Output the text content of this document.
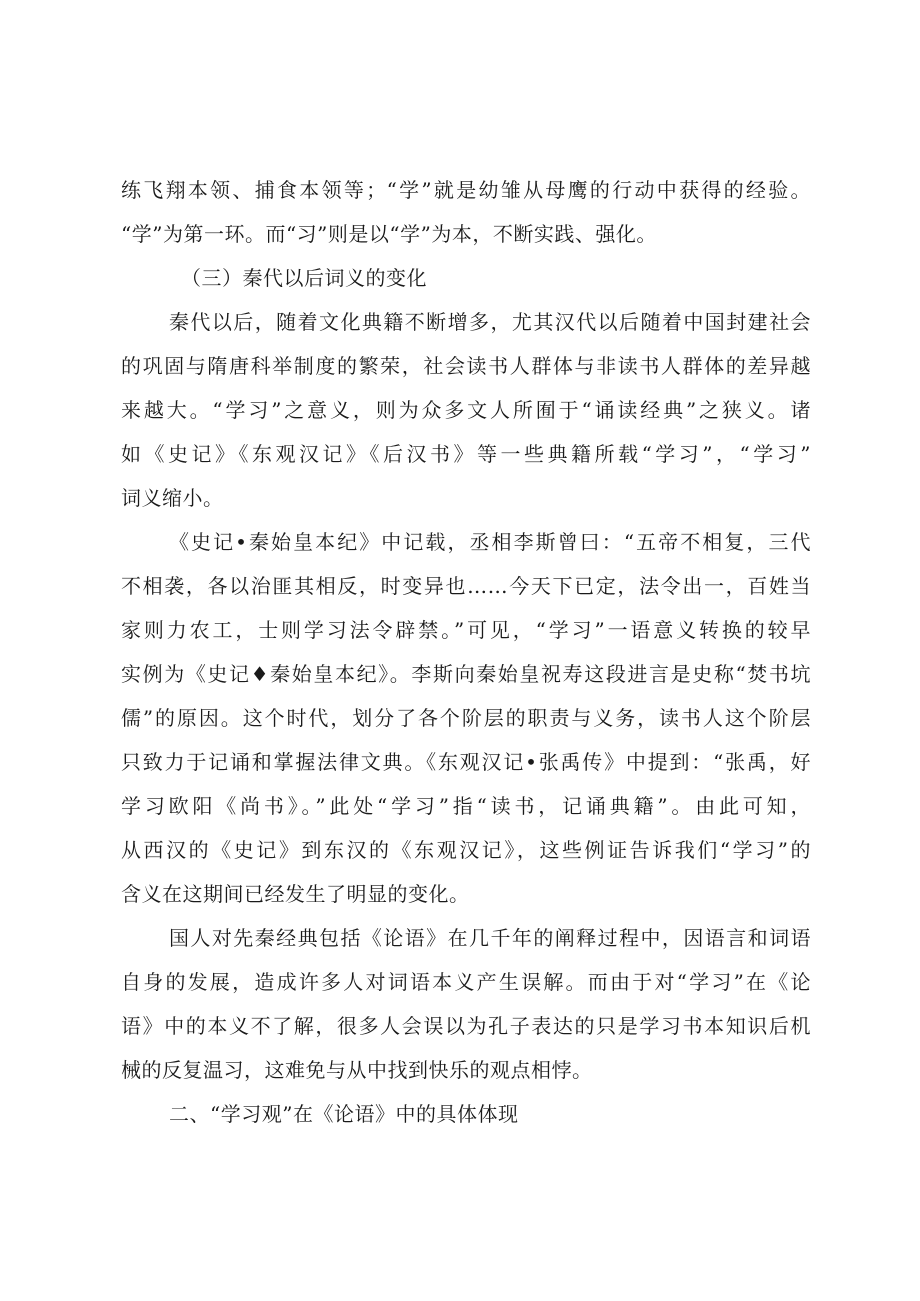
练飞翔本领、捕食本领等；“学”就是幼雏从母鹰的行动中获得的经验。
“学”为第一环。而“习”则是以“学”为本，不断实践、强化。
（三）秦代以后词义的变化
秦代以后，随着文化典籍不断增多，尤其汉代以后随着中国封建社会
的巩固与隋唐科举制度的繁荣，社会读书人群体与非读书人群体的差异越
来越大。“学习”之意义，则为众多文人所囿于“诵读经典”之狭义。诸
如《史记》《东观汉记》《后汉书》等一些典籍所载“学习”，“学习”
词义缩小。
《史记•秦始皇本纪》中记载，丞相李斯曾曰：“五帝不相复，三代
不相袭，各以治匪其相反，时变异也……今天下已定，法令出一，百姓当
家则力农工，士则学习法令辟禁。”可见，“学习”一语意义转换的较早
实例为《史记♦秦始皇本纪》。李斯向秦始皇祝寿这段进言是史称“焚书坑
儒”的原因。这个时代，划分了各个阶层的职责与义务，读书人这个阶层
只致力于记诵和掌握法律文典。《东观汉记•张禹传》中提到：“张禹，好
学习欧阳《尚书》。”此处“学习”指“读书，记诵典籍”。由此可知，
从西汉的《史记》到东汉的《东观汉记》，这些例证告诉我们“学习”的
含义在这期间已经发生了明显的变化。
国人对先秦经典包括《论语》在几千年的阐释过程中，因语言和词语
自身的发展，造成许多人对词语本义产生误解。而由于对“学习”在《论
语》中的本义不了解，很多人会误以为孔子表达的只是学习书本知识后机
械的反复温习，这难免与从中找到快乐的观点相悖。
二、“学习观”在《论语》中的具体体现
